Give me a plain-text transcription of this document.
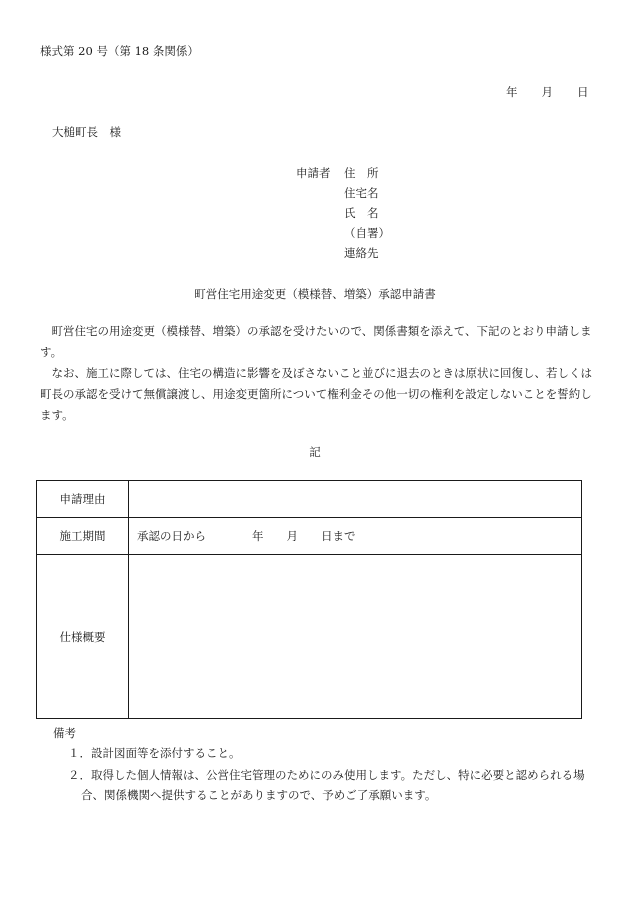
様式第 20 号（第 18 条関係）
年 月 日
大槌町長　様
申請者 住　所
住宅名
氏　名
（自署）
連絡先
町営住宅用途変更（模様替、増築）承認申請書
　町営住宅の用途変更（模様替、増築）の承認を受けたいので、関係書類を添えて、下記のとおり申請します。
　なお、施工に際しては、住宅の構造に影響を及ぼさないこと並びに退去のときは原状に回復し、若しくは町長の承認を受けて無償譲渡し、用途変更箇所について権利金その他一切の権利を設定しないことを誓約します。
記
申請理由	
施工期間	承認の日から　　　　年　　月　　日まで
仕様概要	
備考
１．設計図面等を添付すること。
２．取得した個人情報は、公営住宅管理のためにのみ使用します。ただし、特に必要と認められる場
合、関係機関へ提供することがありますので、予めご了承願います。
